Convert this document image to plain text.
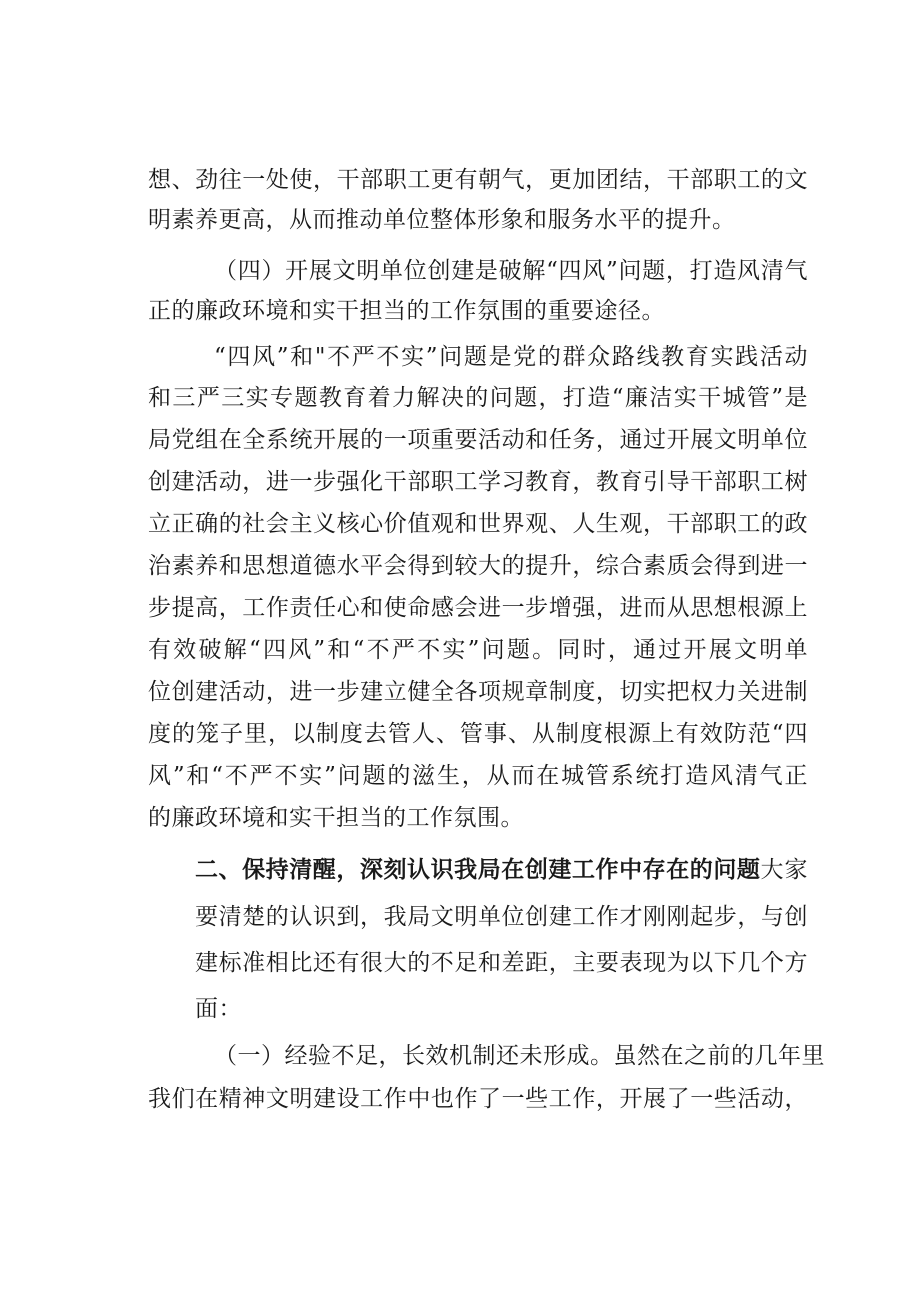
想、劲往一处使，干部职工更有朝气，更加团结，干部职工的文
明素养更高，从而推动单位整体形象和服务水平的提升。
（四）开展文明单位创建是破解“四风”问题，打造风清气
正的廉政环境和实干担当的工作氛围的重要途径。
“四风”和"不严不实”问题是党的群众路线教育实践活动
和三严三实专题教育着力解决的问题，打造“廉洁实干城管”是
局党组在全系统开展的一项重要活动和任务，通过开展文明单位
创建活动，进一步强化干部职工学习教育，教育引导干部职工树
立正确的社会主义核心价值观和世界观、人生观，干部职工的政
治素养和思想道德水平会得到较大的提升，综合素质会得到进一
步提高，工作责任心和使命感会进一步增强，进而从思想根源上
有效破解“四风”和“不严不实”问题。同时，通过开展文明单
位创建活动，进一步建立健全各项规章制度，切实把权力关进制
度的笼子里，以制度去管人、管事、从制度根源上有效防范“四
风”和“不严不实”问题的滋生，从而在城管系统打造风清气正
的廉政环境和实干担当的工作氛围。
二、保持清醒，深刻认识我局在创建工作中存在的问题大家
要清楚的认识到，我局文明单位创建工作才刚刚起步，与创
建标准相比还有很大的不足和差距，主要表现为以下几个方
面：
（一）经验不足，长效机制还未形成。虽然在之前的几年里
我们在精神文明建设工作中也作了一些工作，开展了一些活动，
